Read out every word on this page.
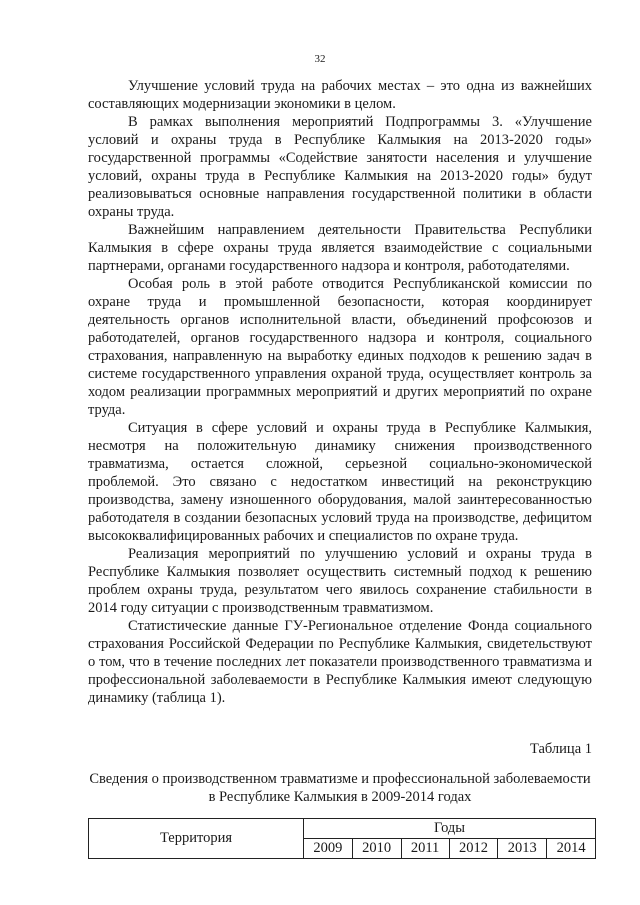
32

Улучшение условий труда на рабочих местах – это одна из важнейших составляющих модернизации экономики в целом.

В рамках выполнения мероприятий Подпрограммы 3. «Улучшение условий и охраны труда в Республике Калмыкия на 2013-2020 годы» государственной программы «Содействие занятости населения и улучшение условий, охраны труда в Республике Калмыкия на 2013-2020 годы» будут реализовываться основные направления государственной политики в области охраны труда.

Важнейшим направлением деятельности Правительства Республики Калмыкия в сфере охраны труда является взаимодействие с социальными партнерами, органами государственного надзора и контроля, работодателями.

Особая роль в этой работе отводится Республиканской комиссии по охране труда и промышленной безопасности, которая координирует деятельность органов исполнительной власти, объединений профсоюзов и работодателей, органов государственного надзора и контроля, социального страхования, направленную на выработку единых подходов к решению задач в системе государственного управления охраной труда, осуществляет контроль за ходом реализации программных мероприятий и других мероприятий по охране труда.

Ситуация в сфере условий и охраны труда в Республике Калмыкия, несмотря на положительную динамику снижения производственного травматизма, остается сложной, серьезной социально-экономической проблемой. Это связано с недостатком инвестиций на реконструкцию производства, замену изношенного оборудования, малой заинтересованностью работодателя в создании безопасных условий труда на производстве, дефицитом высококвалифицированных рабочих и специалистов по охране труда.

Реализация мероприятий по улучшению условий и охраны труда в Республике Калмыкия позволяет осуществить системный подход к решению проблем охраны труда, результатом чего явилось сохранение стабильности в 2014 году ситуации с производственным травматизмом.

Статистические данные ГУ-Региональное отделение Фонда социального страхования Российской Федерации по Республике Калмыкия, свидетельствуют о том, что в течение последних лет показатели производственного травматизма и профессиональной заболеваемости в Республике Калмыкия имеют следующую динамику (таблица 1).

Таблица 1
Сведения о производственном травматизме и профессиональной заболеваемости в Республике Калмыкия в 2009-2014 годах
Территория	Годы					
	2009	2010	2011	2012	2013	2014
